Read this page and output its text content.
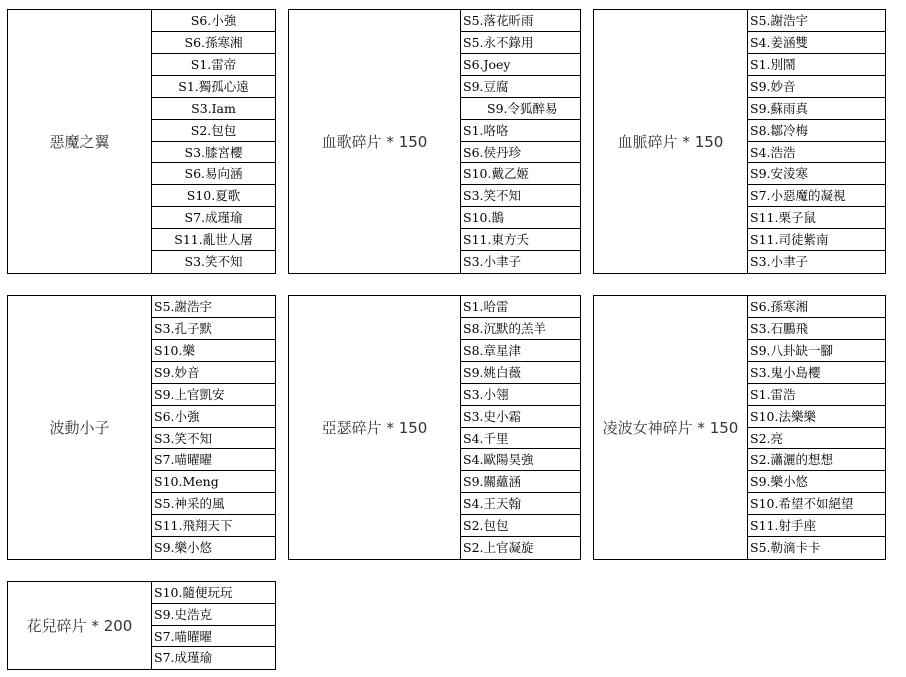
惡魔之翼
S6.小強
S6.孫寒湘
S1.雷帝
S1.獨孤心遠
S3.Iam
S2.包包
S3.膝宮櫻
S6.易向涵
S10.夏歌
S7.成瑾瑜
S11.亂世人屠
S3.笑不知
血歌碎片 * 150
S5.落花昕雨
S5.永不錄用
S6.Joey
S9.豆腐
S9.令狐醉易
S1.咯咯
S6.侯丹珍
S10.戴乙姬
S3.笑不知
S10.鵲
S11.東方夭
S3.小聿子
血脈碎片 * 150
S5.謝浩宇
S4.姜涵雙
S1.別鬧
S9.妙音
S9.蘇雨真
S8.鄒冷梅
S4.浩浩
S9.安淩寒
S7.小惡魔的凝視
S11.栗子鼠
S11.司徒紫南
S3.小聿子
波動小子
S5.謝浩宇
S3.孔子默
S10.樂
S9.妙音
S9.上官凱安
S6.小強
S3.笑不知
S7.喵曜曜
S10.Meng
S5.神采的風
S11.飛翔天下
S9.樂小悠
亞瑟碎片 * 150
S1.哈雷
S8.沉默的羔羊
S8.章星津
S9.姚白薇
S3.小翎
S3.史小霜
S4.千里
S4.歐陽昊強
S9.關蘊涵
S4.王天翰
S2.包包
S2.上官凝旋
凌波女神碎片 * 150
S6.孫寒湘
S3.石鵬飛
S9.八卦缺一腳
S3.鬼小島櫻
S1.雷浩
S10.法樂樂
S2.亮
S2.瀟灑的想想
S9.樂小悠
S10.希望不如絕望
S11.射手座
S5.勒滴卡卡
花兒碎片 * 200
S10.隨便玩玩
S9.史浩克
S7.喵曜曜
S7.成瑾瑜
